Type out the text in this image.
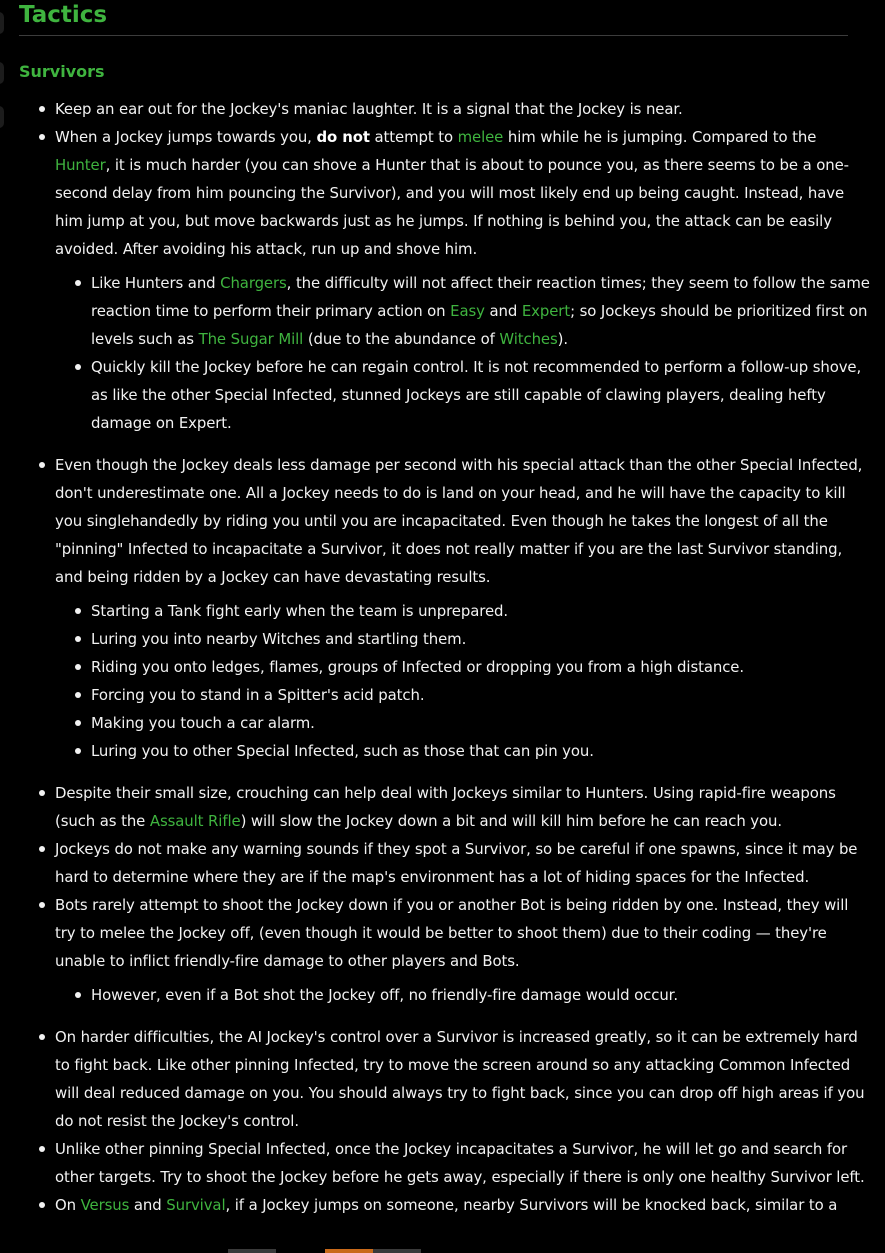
Tactics
Survivors
Keep an ear out for the Jockey's maniac laughter. It is a signal that the Jockey is near.
When a Jockey jumps towards you, do not attempt to melee him while he is jumping. Compared to the Hunter, it is much harder (you can shove a Hunter that is about to pounce you, as there seems to be a one-second delay from him pouncing the Survivor), and you will most likely end up being caught. Instead, have him jump at you, but move backwards just as he jumps. If nothing is behind you, the attack can be easily avoided. After avoiding his attack, run up and shove him.
Like Hunters and Chargers, the difficulty will not affect their reaction times; they seem to follow the same reaction time to perform their primary action on Easy and Expert; so Jockeys should be prioritized first on levels such as The Sugar Mill (due to the abundance of Witches).
Quickly kill the Jockey before he can regain control. It is not recommended to perform a follow-up shove, as like the other Special Infected, stunned Jockeys are still capable of clawing players, dealing hefty damage on Expert.
Even though the Jockey deals less damage per second with his special attack than the other Special Infected, don't underestimate one. All a Jockey needs to do is land on your head, and he will have the capacity to kill you singlehandedly by riding you until you are incapacitated. Even though he takes the longest of all the "pinning" Infected to incapacitate a Survivor, it does not really matter if you are the last Survivor standing, and being ridden by a Jockey can have devastating results.
Starting a Tank fight early when the team is unprepared.
Luring you into nearby Witches and startling them.
Riding you onto ledges, flames, groups of Infected or dropping you from a high distance.
Forcing you to stand in a Spitter's acid patch.
Making you touch a car alarm.
Luring you to other Special Infected, such as those that can pin you.
Despite their small size, crouching can help deal with Jockeys similar to Hunters. Using rapid-fire weapons (such as the Assault Rifle) will slow the Jockey down a bit and will kill him before he can reach you.
Jockeys do not make any warning sounds if they spot a Survivor, so be careful if one spawns, since it may be hard to determine where they are if the map's environment has a lot of hiding spaces for the Infected.
Bots rarely attempt to shoot the Jockey down if you or another Bot is being ridden by one. Instead, they will try to melee the Jockey off, (even though it would be better to shoot them) due to their coding — they're unable to inflict friendly-fire damage to other players and Bots.
However, even if a Bot shot the Jockey off, no friendly-fire damage would occur.
On harder difficulties, the AI Jockey's control over a Survivor is increased greatly, so it can be extremely hard to fight back. Like other pinning Infected, try to move the screen around so any attacking Common Infected will deal reduced damage on you. You should always try to fight back, since you can drop off high areas if you do not resist the Jockey's control.
Unlike other pinning Special Infected, once the Jockey incapacitates a Survivor, he will let go and search for other targets. Try to shoot the Jockey before he gets away, especially if there is only one healthy Survivor left.
On Versus and Survival, if a Jockey jumps on someone, nearby Survivors will be knocked back, similar to a
